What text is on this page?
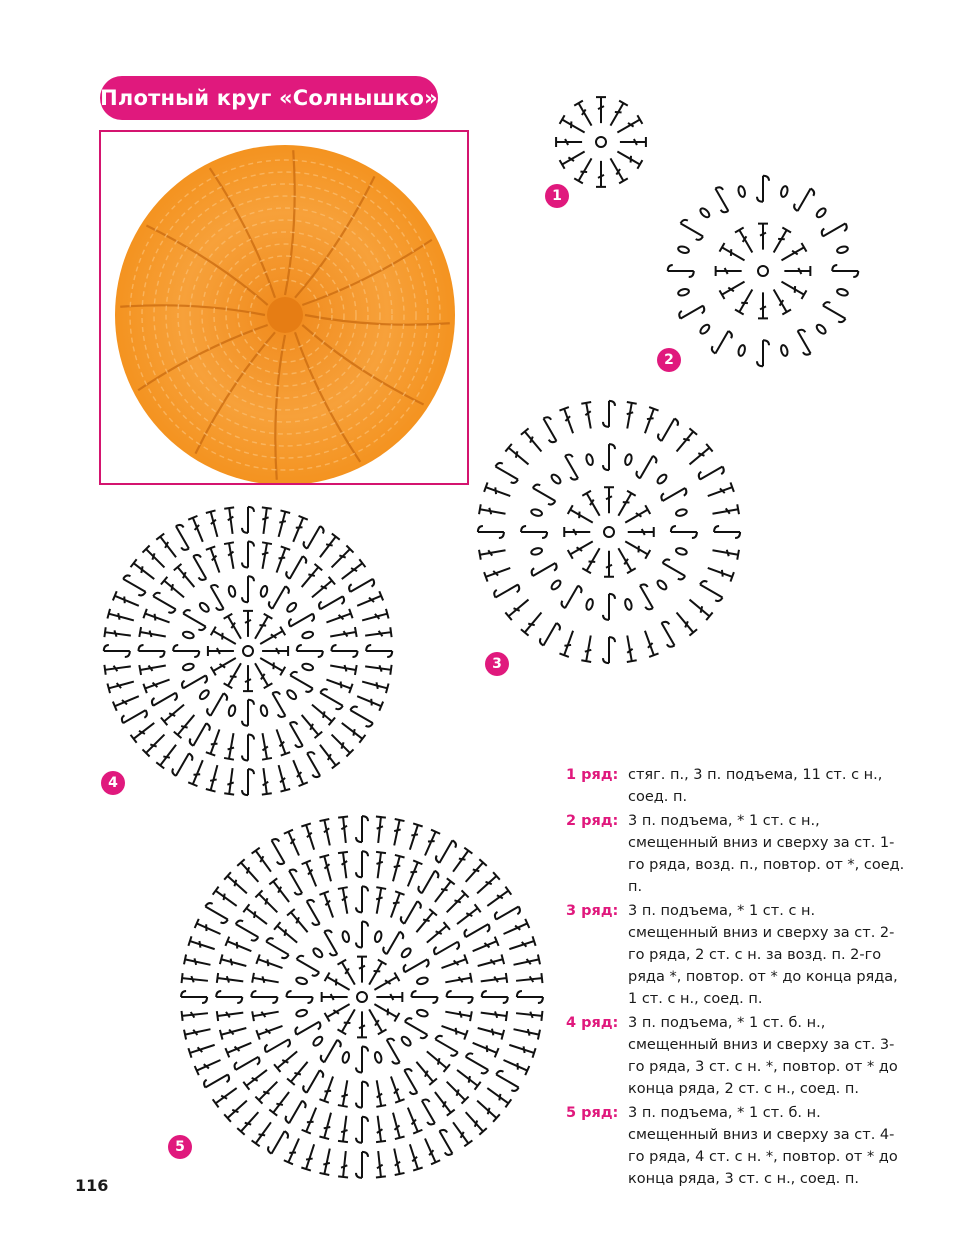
Плотный круг «Солнышко»
1
2
3
4
5
1 ряд: стяг. п., 3 п. подъема, 11 ст. с н., соед. п.
2 ряд: 3 п. подъема, * 1 ст. с н., смещенный вниз и сверху за ст. 1-го ряда, возд. п., повтор. от *, соед. п.
3 ряд: 3 п. подъема, * 1 ст. с н. смещенный вниз и сверху за ст. 2-го ряда, 2 ст. с н. за возд. п. 2-го ряда *, повтор. от * до конца ряда, 1 ст. с н., соед. п.
4 ряд: 3 п. подъема, * 1 ст. б. н., смещенный вниз и сверху за ст. 3-го ряда, 3 ст. с н. *, повтор. от * до конца ряда, 2 ст. с н., соед. п.
5 ряд: 3 п. подъема, * 1 ст. б. н. смещенный вниз и сверху за ст. 4-го ряда, 4 ст. с н. *, повтор. от * до конца ряда, 3 ст. с н., соед. п.
116
